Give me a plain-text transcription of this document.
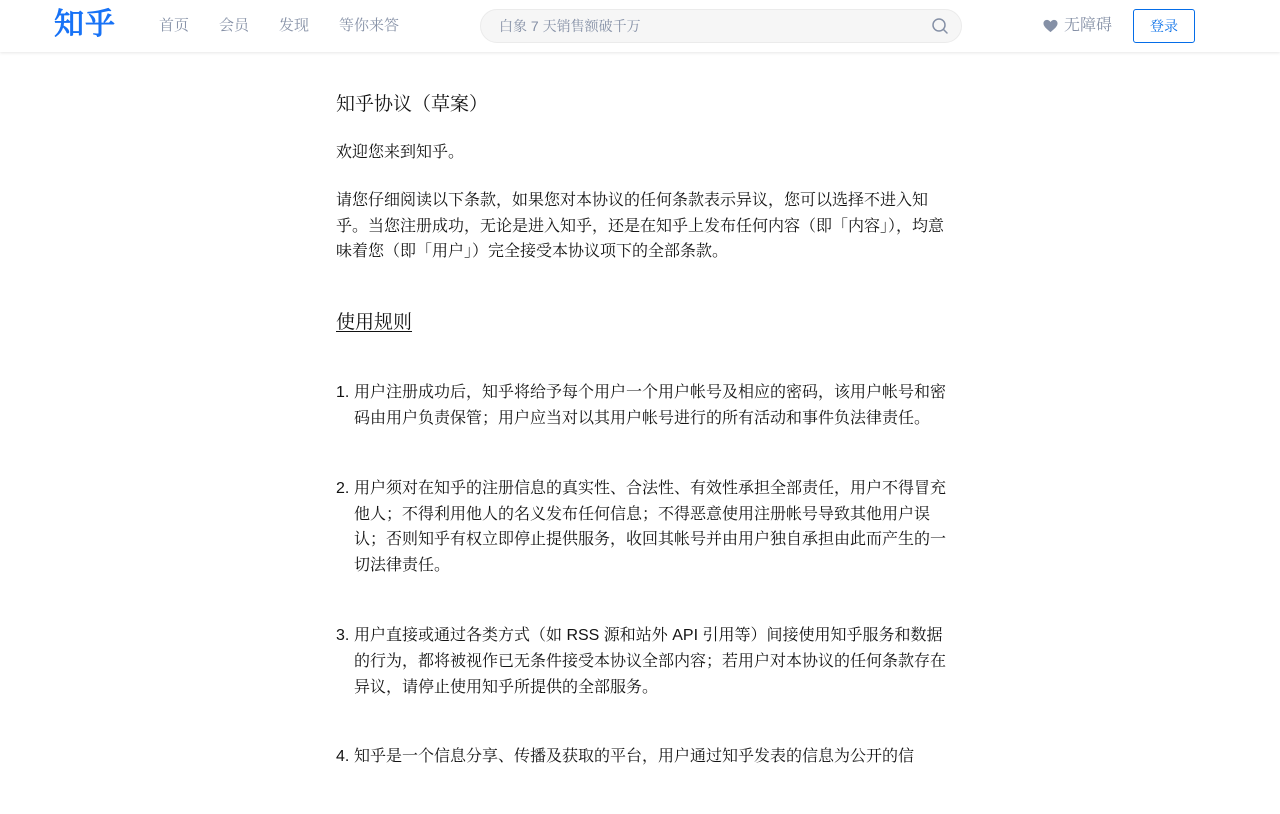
知乎	首页 会员 发现 等你来答
白象 7 天销售额破千万	无障碍	登录
知乎协议（草案）

欢迎您来到知乎。

请您仔细阅读以下条款，如果您对本协议的任何条款表示异议，您可以选择不进入知乎。当您注册成功，无论是进入知乎，还是在知乎上发布任何内容（即「内容」），均意味着您（即「用户」）完全接受本协议项下的全部条款。

使用规则
1. 用户注册成功后，知乎将给予每个用户一个用户帐号及相应的密码，该用户帐号和密码由用户负责保管；用户应当对以其用户帐号进行的所有活动和事件负法律责任。
2. 用户须对在知乎的注册信息的真实性、合法性、有效性承担全部责任，用户不得冒充他人；不得利用他人的名义发布任何信息；不得恶意使用注册帐号导致其他用户误认；否则知乎有权立即停止提供服务，收回其帐号并由用户独自承担由此而产生的一切法律责任。
3. 用户直接或通过各类方式（如 RSS 源和站外 API 引用等）间接使用知乎服务和数据的行为，都将被视作已无条件接受本协议全部内容；若用户对本协议的任何条款存在异议，请停止使用知乎所提供的全部服务。
4. 知乎是一个信息分享、传播及获取的平台，用户通过知乎发表的信息为公开的信
